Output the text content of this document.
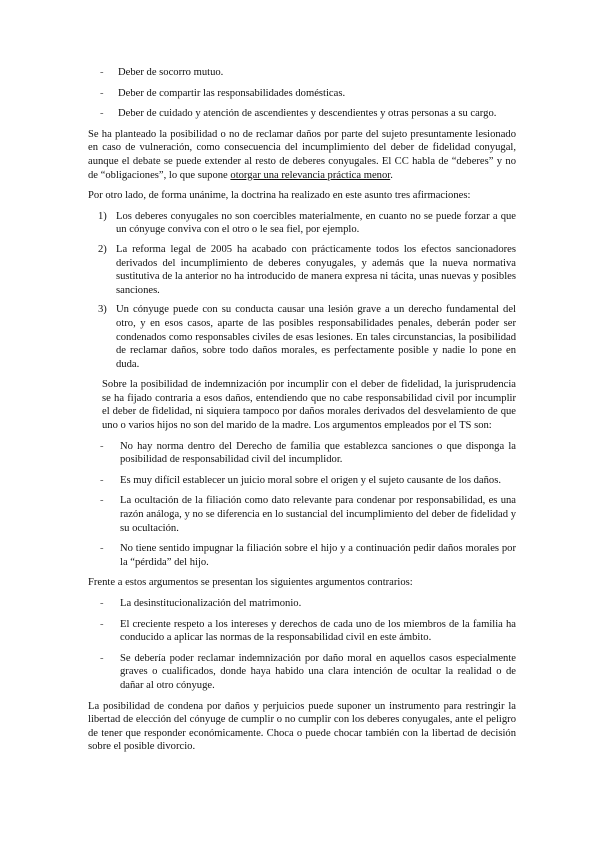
- Deber de socorro mutuo.
- Deber de compartir las responsabilidades domésticas.
- Deber de cuidado y atención de ascendientes y descendientes y otras personas a su cargo.

Se ha planteado la posibilidad o no de reclamar daños por parte del sujeto presuntamente lesionado en caso de vulneración, como consecuencia del incumplimiento del deber de fidelidad conyugal, aunque el debate se puede extender al resto de deberes conyugales. El CC habla de “deberes” y no de “obligaciones”, lo que supone otorgar una relevancia práctica menor.

Por otro lado, de forma unánime, la doctrina ha realizado en este asunto tres afirmaciones:

1) Los deberes conyugales no son coercibles materialmente, en cuanto no se puede forzar a que un cónyuge conviva con el otro o le sea fiel, por ejemplo.
2) La reforma legal de 2005 ha acabado con prácticamente todos los efectos sancionadores derivados del incumplimiento de deberes conyugales, y además que la nueva normativa sustitutiva de la anterior no ha introducido de manera expresa ni tácita, unas nuevas y posibles sanciones.
3) Un cónyuge puede con su conducta causar una lesión grave a un derecho fundamental del otro, y en esos casos, aparte de las posibles responsabilidades penales, deberán poder ser condenados como responsables civiles de esas lesiones. En tales circunstancias, la posibilidad de reclamar daños, sobre todo daños morales, es perfectamente posible y nadie lo pone en duda.

Sobre la posibilidad de indemnización por incumplir con el deber de fidelidad, la jurisprudencia se ha fijado contraria a esos daños, entendiendo que no cabe responsabilidad civil por incumplir el deber de fidelidad, ni siquiera tampoco por daños morales derivados del desvelamiento de que uno o varios hijos no son del marido de la madre. Los argumentos empleados por el TS son:

- No hay norma dentro del Derecho de familia que establezca sanciones o que disponga la posibilidad de responsabilidad civil del incumplidor.
- Es muy difícil establecer un juicio moral sobre el origen y el sujeto causante de los daños.
- La ocultación de la filiación como dato relevante para condenar por responsabilidad, es una razón análoga, y no se diferencia en lo sustancial del incumplimiento del deber de fidelidad y su ocultación.
- No tiene sentido impugnar la filiación sobre el hijo y a continuación pedir daños morales por la “pérdida” del hijo.

Frente a estos argumentos se presentan los siguientes argumentos contrarios:

- La desinstitucionalización del matrimonio.
- El creciente respeto a los intereses y derechos de cada uno de los miembros de la familia ha conducido a aplicar las normas de la responsabilidad civil en este ámbito.
- Se debería poder reclamar indemnización por daño moral en aquellos casos especialmente graves o cualificados, donde haya habido una clara intención de ocultar la realidad o de dañar al otro cónyuge.

La posibilidad de condena por daños y perjuicios puede suponer un instrumento para restringir la libertad de elección del cónyuge de cumplir o no cumplir con los deberes conyugales, ante el peligro de tener que responder económicamente. Choca o puede chocar también con la libertad de decisión sobre el posible divorcio.
